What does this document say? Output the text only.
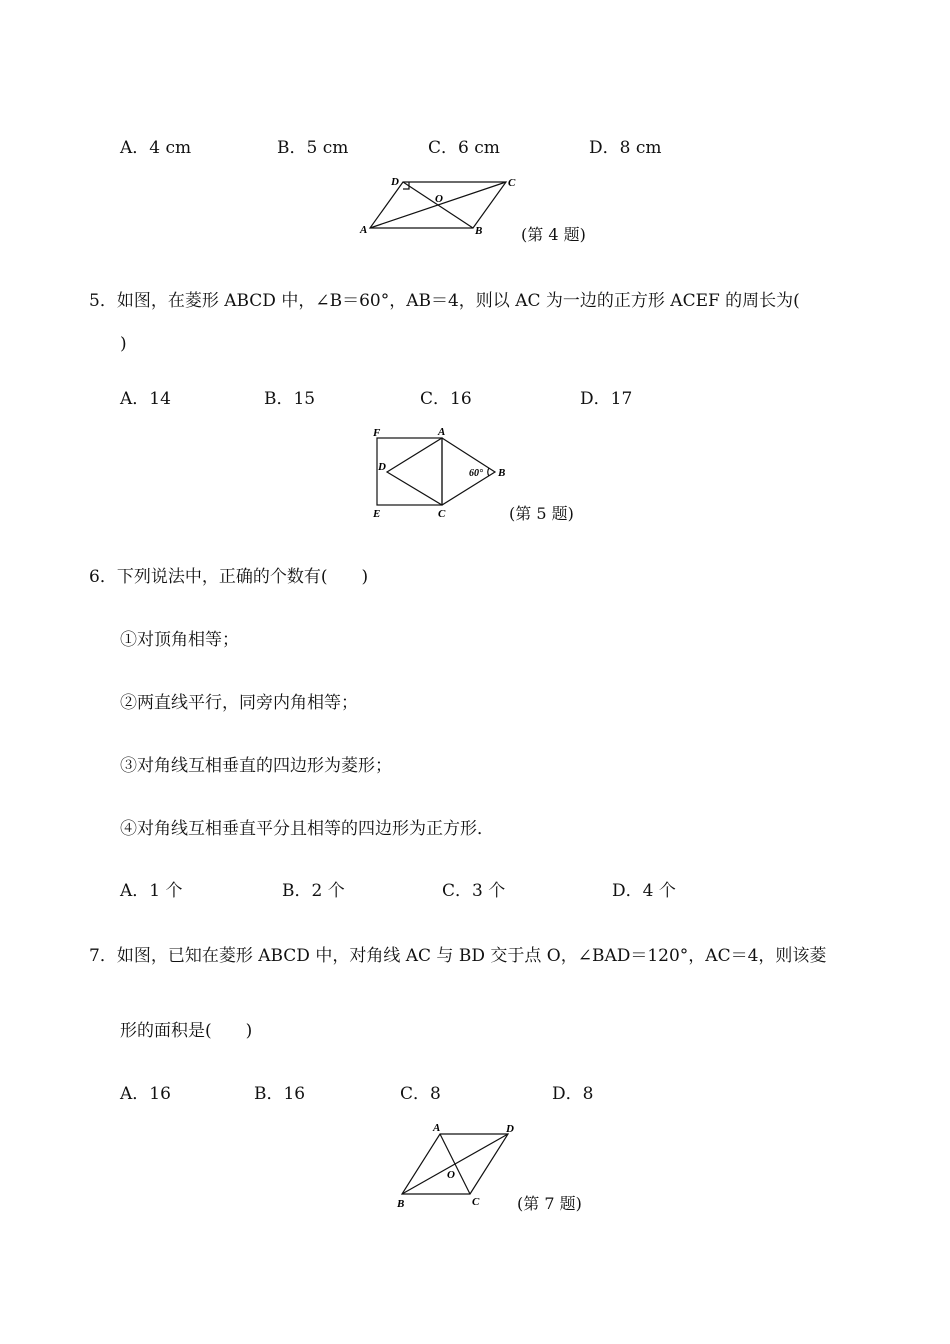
A．4 cm	B．5 cm	C．6 cm	D．8 cm
D	C
O
A	B (第 4 题)
5．如图，在菱形 ABCD 中，∠B＝60°，AB＝4，则以 AC 为一边的正方形 ACEF 的周长为(
)
A．14	B．15	C．16	D．17
F	A
D	B
E	C
60°
(第 5 题)
6．下列说法中，正确的个数有(　　)
①对顶角相等；
②两直线平行，同旁内角相等；
③对角线互相垂直的四边形为菱形；
④对角线互相垂直平分且相等的四边形为正方形．
A．1 个	B．2 个	C．3 个	D．4 个
7．如图，已知在菱形 ABCD 中，对角线 AC 与 BD 交于点 O，∠BAD＝120°，AC＝4，则该菱
形的面积是(　　)
A．16	B．16	C．8	D．8
A	D
O
B	C (第 7 题)
